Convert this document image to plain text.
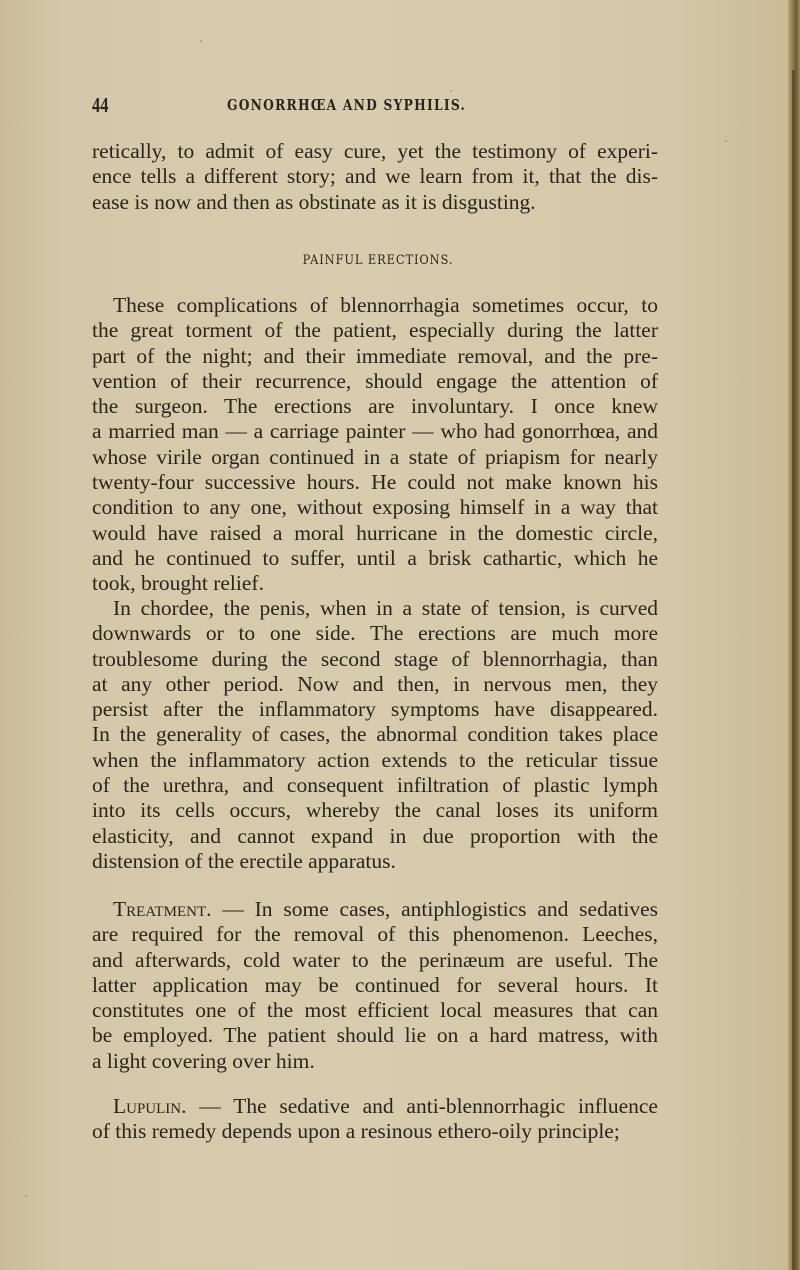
44	GONORRHŒA AND SYPHILIS.
retically, to admit of easy cure, yet the testimony of experi-
ence tells a different story; and we learn from it, that the dis-
ease is now and then as obstinate as it is disgusting.
PAINFUL ERECTIONS.
These complications of blennorrhagia sometimes occur, to
the great torment of the patient, especially during the latter
part of the night; and their immediate removal, and the pre-
vention of their recurrence, should engage the attention of
the surgeon. The erections are involuntary. I once knew
a married man — a carriage painter — who had gonorrhœa, and
whose virile organ continued in a state of priapism for nearly
twenty-four successive hours. He could not make known his
condition to any one, without exposing himself in a way that
would have raised a moral hurricane in the domestic circle,
and he continued to suffer, until a brisk cathartic, which he
took, brought relief.
In chordee, the penis, when in a state of tension, is curved
downwards or to one side. The erections are much more
troublesome during the second stage of blennorrhagia, than
at any other period. Now and then, in nervous men, they
persist after the inflammatory symptoms have disappeared.
In the generality of cases, the abnormal condition takes place
when the inflammatory action extends to the reticular tissue
of the urethra, and consequent infiltration of plastic lymph
into its cells occurs, whereby the canal loses its uniform
elasticity, and cannot expand in due proportion with the
distension of the erectile apparatus.
Treatment. — In some cases, antiphlogistics and sedatives
are required for the removal of this phenomenon. Leeches,
and afterwards, cold water to the perinæum are useful. The
latter application may be continued for several hours. It
constitutes one of the most efficient local measures that can
be employed. The patient should lie on a hard matress, with
a light covering over him.
Lupulin. — The sedative and anti-blennorrhagic influence
of this remedy depends upon a resinous ethero-oily principle;
